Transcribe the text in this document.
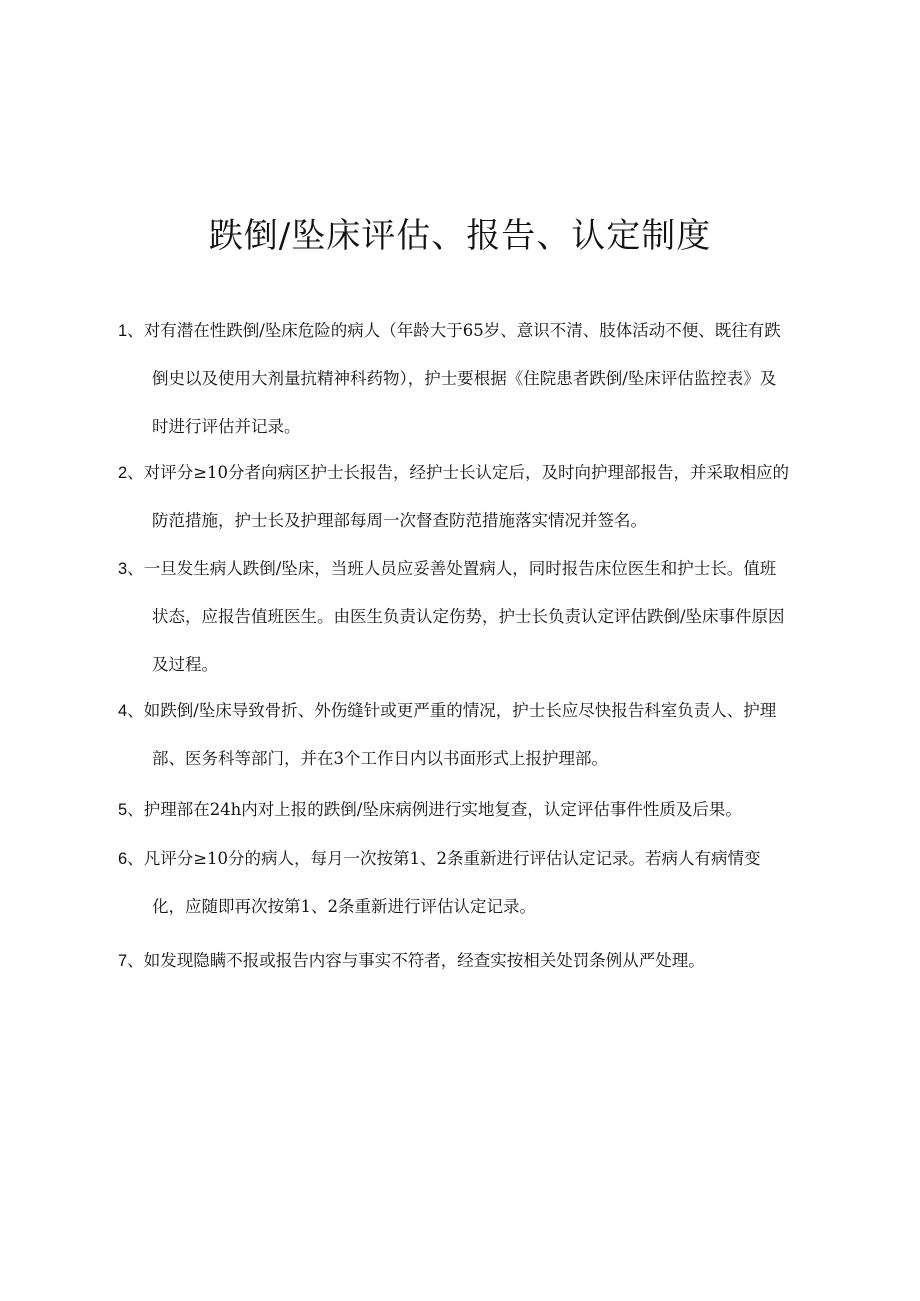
跌倒/坠床评估、报告、认定制度
1、对有潜在性跌倒/坠床危险的病人（年龄大于65岁、意识不清、肢体活动不便、既往有跌
倒史以及使用大剂量抗精神科药物），护士要根据《住院患者跌倒/坠床评估监控表》及
时进行评估并记录。
2、对评分≥10分者向病区护士长报告，经护士长认定后，及时向护理部报告，并采取相应的
防范措施，护士长及护理部每周一次督查防范措施落实情况并签名。
3、一旦发生病人跌倒/坠床，当班人员应妥善处置病人，同时报告床位医生和护士长。值班
状态，应报告值班医生。由医生负责认定伤势，护士长负责认定评估跌倒/坠床事件原因
及过程。
4、如跌倒/坠床导致骨折、外伤缝针或更严重的情况，护士长应尽快报告科室负责人、护理
部、医务科等部门，并在3个工作日内以书面形式上报护理部。
5、护理部在24h内对上报的跌倒/坠床病例进行实地复查，认定评估事件性质及后果。
6、凡评分≥10分的病人，每月一次按第1、2条重新进行评估认定记录。若病人有病情变
化，应随即再次按第1、2条重新进行评估认定记录。
7、如发现隐瞒不报或报告内容与事实不符者，经查实按相关处罚条例从严处理。
